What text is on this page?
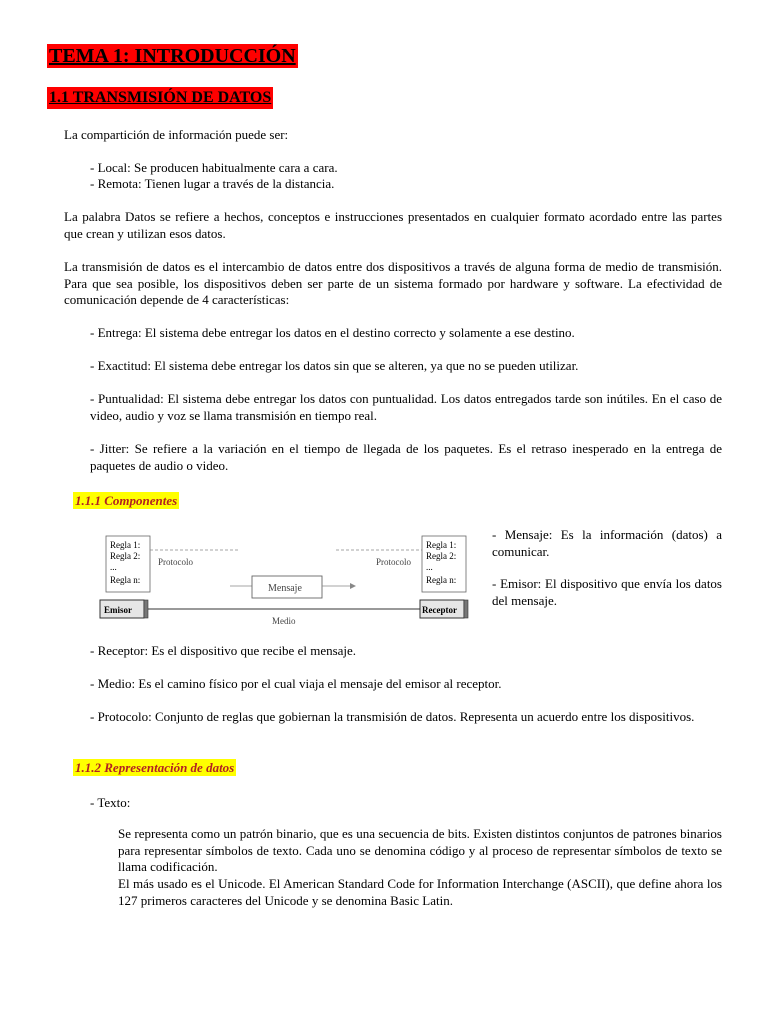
TEMA 1: INTRODUCCIÓN
1.1 TRANSMISIÓN DE DATOS
La compartición de información puede ser:
- Local: Se producen habitualmente cara a cara.
- Remota: Tienen lugar a través de la distancia.
La palabra Datos se refiere a hechos, conceptos e instrucciones presentados en cualquier formato acordado entre las partes que crean y utilizan esos datos.
La transmisión de datos es el intercambio de datos entre dos dispositivos a través de alguna forma de medio de transmisión. Para que sea posible, los dispositivos deben ser parte de un sistema formado por hardware y software. La efectividad de comunicación depende de 4 características:
- Entrega: El sistema debe entregar los datos en el destino correcto y solamente a ese destino.
- Exactitud: El sistema debe entregar los datos sin que se alteren, ya que no se pueden utilizar.
- Puntualidad: El sistema debe entregar los datos con puntualidad. Los datos entregados tarde son inútiles. En el caso de video, audio y voz se llama transmisión en tiempo real.
- Jitter: Se refiere a la variación en el tiempo de llegada de los paquetes. Es el retraso inesperado en la entrega de paquetes de audio o video.
1.1.1 Componentes
Regla 1:
Regla 2:
...
Regla n:
Regla 1:
Regla 2:
...
Regla n:
Protocolo	Protocolo
Mensaje
Emisor	Receptor
Medio
- Mensaje: Es la información (datos) a comunicar.
- Emisor: El dispositivo que envía los datos del mensaje.
- Receptor: Es el dispositivo que recibe el mensaje.
- Medio: Es el camino físico por el cual viaja el mensaje del emisor al receptor.
- Protocolo: Conjunto de reglas que gobiernan la transmisión de datos. Representa un acuerdo entre los dispositivos.
1.1.2 Representación de datos
- Texto:
Se representa como un patrón binario, que es una secuencia de bits. Existen distintos conjuntos de patrones binarios para representar símbolos de texto. Cada uno se denomina código y al proceso de representar símbolos de texto se llama codificación.
El más usado es el Unicode. El American Standard Code for Information Interchange (ASCII), que define ahora los 127 primeros caracteres del Unicode y se denomina Basic Latin.
